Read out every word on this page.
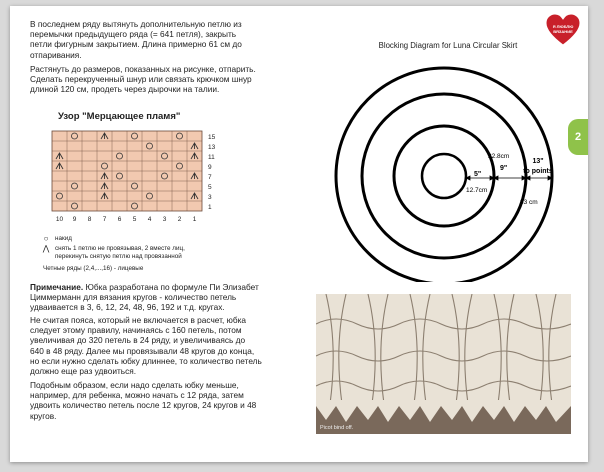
Я ЛЮБЛЮ ВЯЗАНИЕ
2
В последнем ряду вытянуть дополнительную петлю из
перемычки предыдущего ряда (= 641 петля), закрыть
петли фигурным закрытием. Длина примерно 61 см до
отпаривания.
Растянуть до размеров, показанных на рисунке, отпарить.
Сделать перекрученный шнур или связать крючком шнур
длиной 120 см, продеть через дырочки на талии.
Узор "Мерцающее пламя"
15
13
11
9
7
5
3
1
10 9 8 7 6 5 4 3 2 1
○	накид
⋀ снять 1 петлю не провязывая, 2 вместе лиц,
перекинуть снятую петлю над провязанной
Четные ряды (2,4,...,16) - лицевые
Примечание. Юбка разработана по формуле Пи Элизабет
Циммерманн для вязания кругов - количество петель
удваивается в 3, 6, 12, 24, 48, 96, 192 и т.д. кругах.
Не считая пояса, который не включается в расчет, юбка
следует этому правилу, начинаясь с 160 петель, потом
увеличивая до 320 петель в 24 ряду, и увеличиваясь до
640 в 48 ряду. Далее мы провязывали 48 кругов до конца,
но если нужно сделать юбку длиннее, то количество петель
должно еще раз удвоиться.
Подобным образом, если надо сделать юбку меньше,
например, для ребенка, можно начать с 12 ряда, затем
удвоить количество петель после 12 кругов, 24 кругов и 48
кругов.
Blocking Diagram for Luna Circular Skirt
5"
9"
13"
to points
22.8cm
12.7cm
33 cm
Picot bind off.
